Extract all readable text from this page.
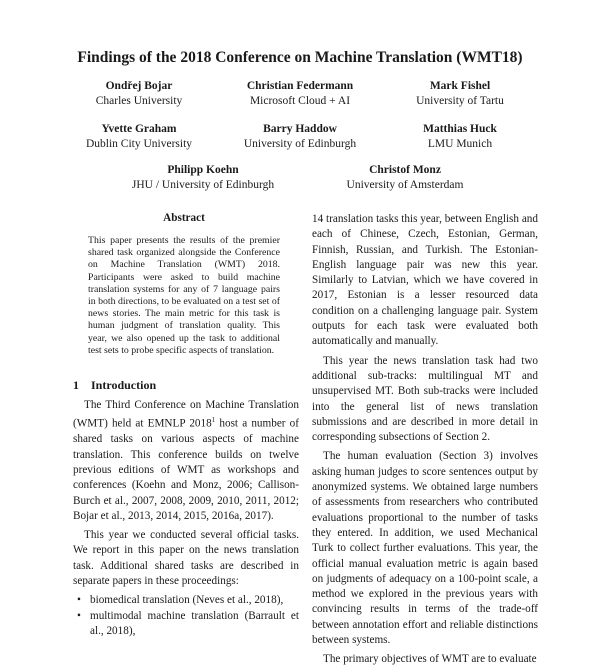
Findings of the 2018 Conference on Machine Translation (WMT18)
Ondřej Bojar
Charles University
Christian Federmann
Microsoft Cloud + AI
Mark Fishel
University of Tartu
Yvette Graham
Dublin City University
Barry Haddow
University of Edinburgh
Matthias Huck
LMU Munich
Philipp Koehn
JHU / University of Edinburgh
Christof Monz
University of Amsterdam
Abstract
This paper presents the results of the premier shared task organized alongside the Conference on Machine Translation (WMT) 2018. Participants were asked to build machine translation systems for any of 7 language pairs in both directions, to be evaluated on a test set of news stories. The main metric for this task is human judgment of translation quality. This year, we also opened up the task to additional test sets to probe specific aspects of translation.
1 Introduction

The Third Conference on Machine Translation (WMT) held at EMNLP 2018$^1$ host a number of shared tasks on various aspects of machine translation. This conference builds on twelve previous editions of WMT as workshops and conferences (Koehn and Monz, 2006; Callison-Burch et al., 2007, 2008, 2009, 2010, 2011, 2012; Bojar et al., 2013, 2014, 2015, 2016a, 2017).

This year we conducted several official tasks. We report in this paper on the news translation task. Additional shared tasks are described in separate papers in these proceedings:

• biomedical translation (Neves et al., 2018),
• multimodal machine translation (Barrault et al., 2018),

14 translation tasks this year, between English and each of Chinese, Czech, Estonian, German, Finnish, Russian, and Turkish. The Estonian-English language pair was new this year. Similarly to Latvian, which we have covered in 2017, Estonian is a lesser resourced data condition on a challenging language pair. System outputs for each task were evaluated both automatically and manually.

This year the news translation task had two additional sub-tracks: multilingual MT and unsupervised MT. Both sub-tracks were included into the general list of news translation submissions and are described in more detail in corresponding subsections of Section 2.

The human evaluation (Section 3) involves asking human judges to score sentences output by anonymized systems. We obtained large numbers of assessments from researchers who contributed evaluations proportional to the number of tasks they entered. In addition, we used Mechanical Turk to collect further evaluations. This year, the official manual evaluation metric is again based on judgments of adequacy on a 100-point scale, a method we explored in the previous years with convincing results in terms of the trade-off between annotation effort and reliable distinctions between systems.

The primary objectives of WMT are to evaluate
